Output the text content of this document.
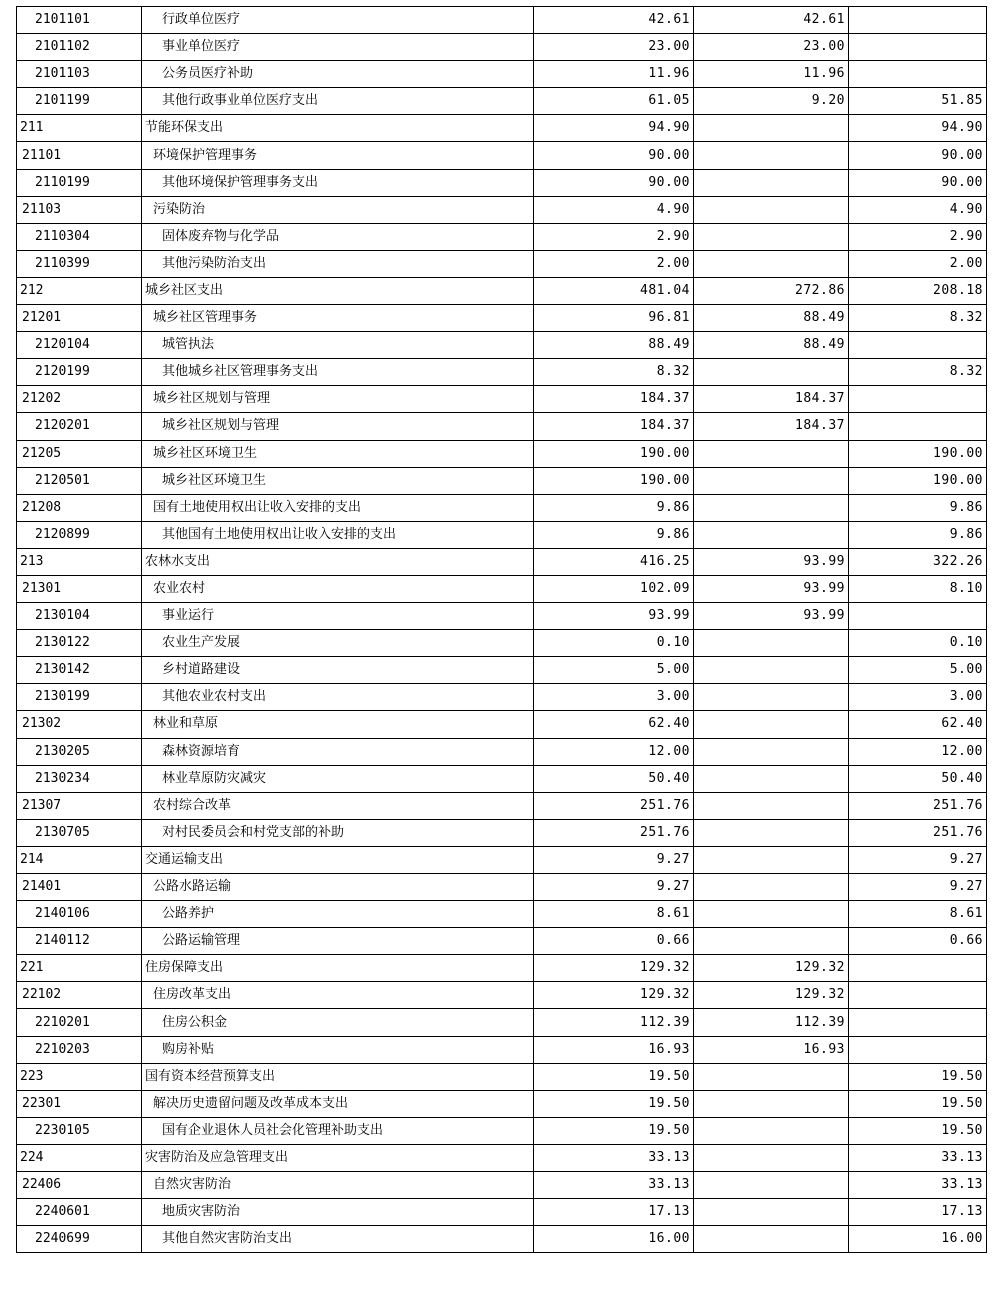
2101101	行政单位医疗	42.61	42.61	
2101102	事业单位医疗	23.00	23.00	
2101103	公务员医疗补助	11.96	11.96	
2101199	其他行政事业单位医疗支出	61.05	9.20	51.85
211	节能环保支出	94.90		94.90
21101	环境保护管理事务	90.00		90.00
2110199	其他环境保护管理事务支出	90.00		90.00
21103	污染防治	4.90		4.90
2110304	固体废弃物与化学品	2.90		2.90
2110399	其他污染防治支出	2.00		2.00
212	城乡社区支出	481.04	272.86	208.18
21201	城乡社区管理事务	96.81	88.49	8.32
2120104	城管执法	88.49	88.49	
2120199	其他城乡社区管理事务支出	8.32		8.32
21202	城乡社区规划与管理	184.37	184.37	
2120201	城乡社区规划与管理	184.37	184.37	
21205	城乡社区环境卫生	190.00		190.00
2120501	城乡社区环境卫生	190.00		190.00
21208	国有土地使用权出让收入安排的支出	9.86		9.86
2120899	其他国有土地使用权出让收入安排的支出	9.86		9.86
213	农林水支出	416.25	93.99	322.26
21301	农业农村	102.09	93.99	8.10
2130104	事业运行	93.99	93.99	
2130122	农业生产发展	0.10		0.10
2130142	乡村道路建设	5.00		5.00
2130199	其他农业农村支出	3.00		3.00
21302	林业和草原	62.40		62.40
2130205	森林资源培育	12.00		12.00
2130234	林业草原防灾减灾	50.40		50.40
21307	农村综合改革	251.76		251.76
2130705	对村民委员会和村党支部的补助	251.76		251.76
214	交通运输支出	9.27		9.27
21401	公路水路运输	9.27		9.27
2140106	公路养护	8.61		8.61
2140112	公路运输管理	0.66		0.66
221	住房保障支出	129.32	129.32	
22102	住房改革支出	129.32	129.32	
2210201	住房公积金	112.39	112.39	
2210203	购房补贴	16.93	16.93	
223	国有资本经营预算支出	19.50		19.50
22301	解决历史遗留问题及改革成本支出	19.50		19.50
2230105	国有企业退休人员社会化管理补助支出	19.50		19.50
224	灾害防治及应急管理支出	33.13		33.13
22406	自然灾害防治	33.13		33.13
2240601	地质灾害防治	17.13		17.13
2240699	其他自然灾害防治支出	16.00		16.00
